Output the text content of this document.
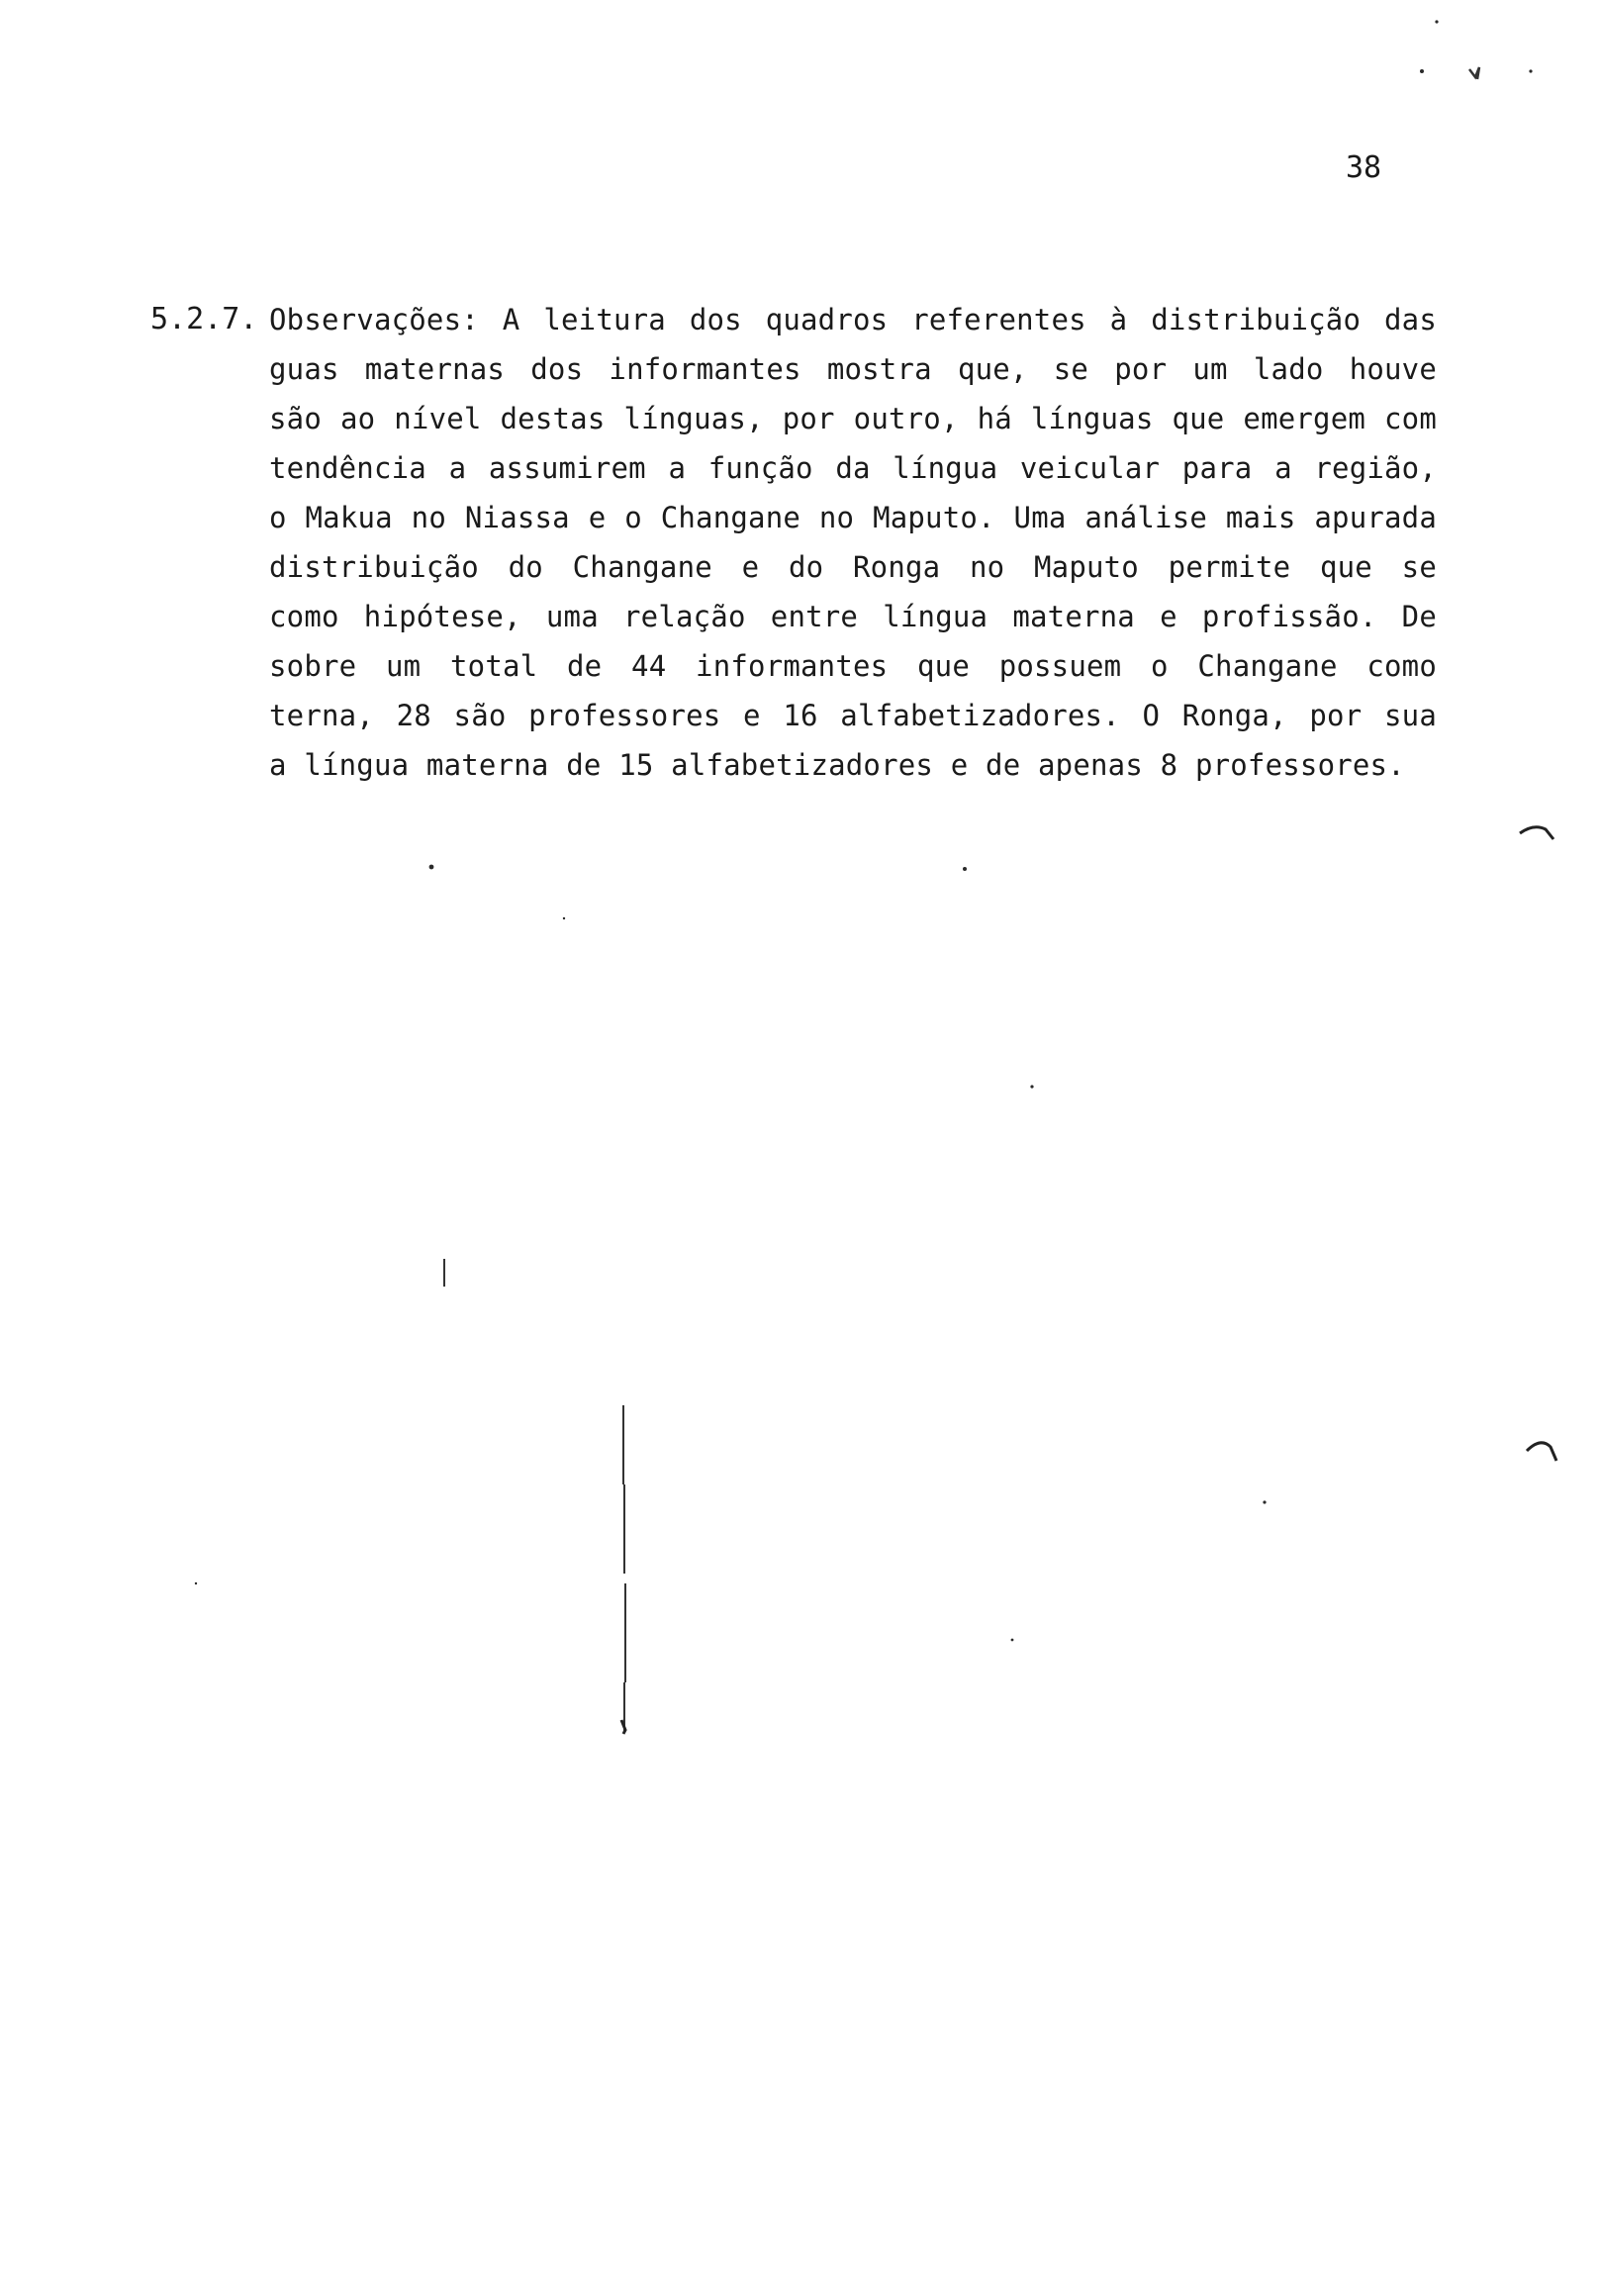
38
5.2.7. Observações: A leitura dos quadros referentes à distribuição das
guas maternas dos informantes mostra que, se por um lado houve
são ao nível destas línguas, por outro, há línguas que emergem com
tendência a assumirem a função da língua veicular para a região,
o Makua no Niassa e o Changane no Maputo. Uma análise mais apurada
distribuição do Changane e do Ronga no Maputo permite que se
como hipótese, uma relação entre língua materna e profissão. De
sobre um total de 44 informantes que possuem o Changane como
terna, 28 são professores e 16 alfabetizadores. O Ronga, por sua
a língua materna de 15 alfabetizadores e de apenas 8 professores.
